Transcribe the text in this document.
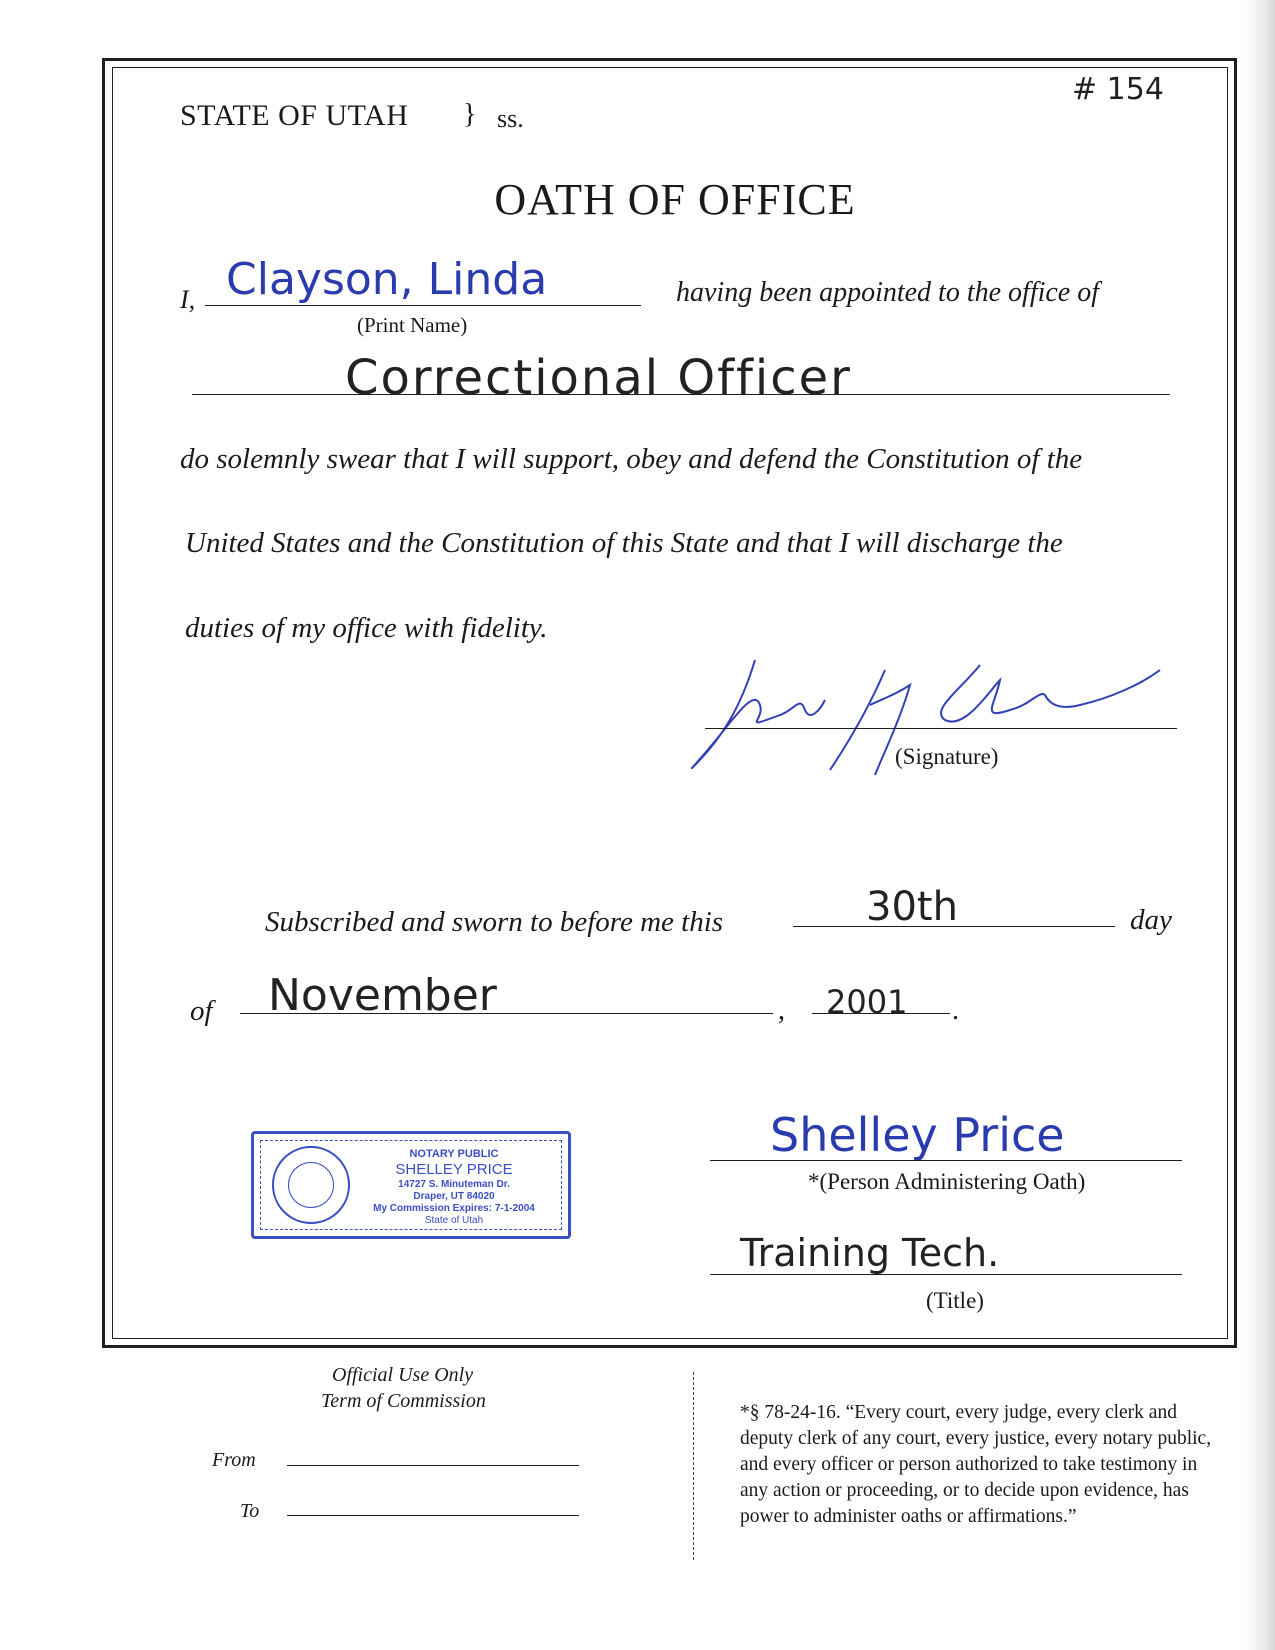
# 154
STATE OF UTAH } ss.
OATH OF OFFICE
I, Clayson, Linda
(Print Name)
having been appointed to the office of
Correctional Officer
do solemnly swear that I will support, obey and defend the Constitution of the
United States and the Constitution of this State and that I will discharge the
duties of my office with fidelity.
(Signature)
Subscribed and sworn to before me this	30th	day
of November	, 2001 .
NOTARY PUBLIC
SHELLEY PRICE
14727 S. Minuteman Dr.
Draper, UT 84020
My Commission Expires: 7-1-2004
State of Utah
Shelley Price
*(Person Administering Oath)
Training Tech.
(Title)
Official Use Only
Term of Commission
From
To
*§ 78-24-16. “Every court, every judge, every clerk and
deputy clerk of any court, every justice, every notary public,
and every officer or person authorized to take testimony in
any action or proceeding, or to decide upon evidence, has
power to administer oaths or affirmations.”
